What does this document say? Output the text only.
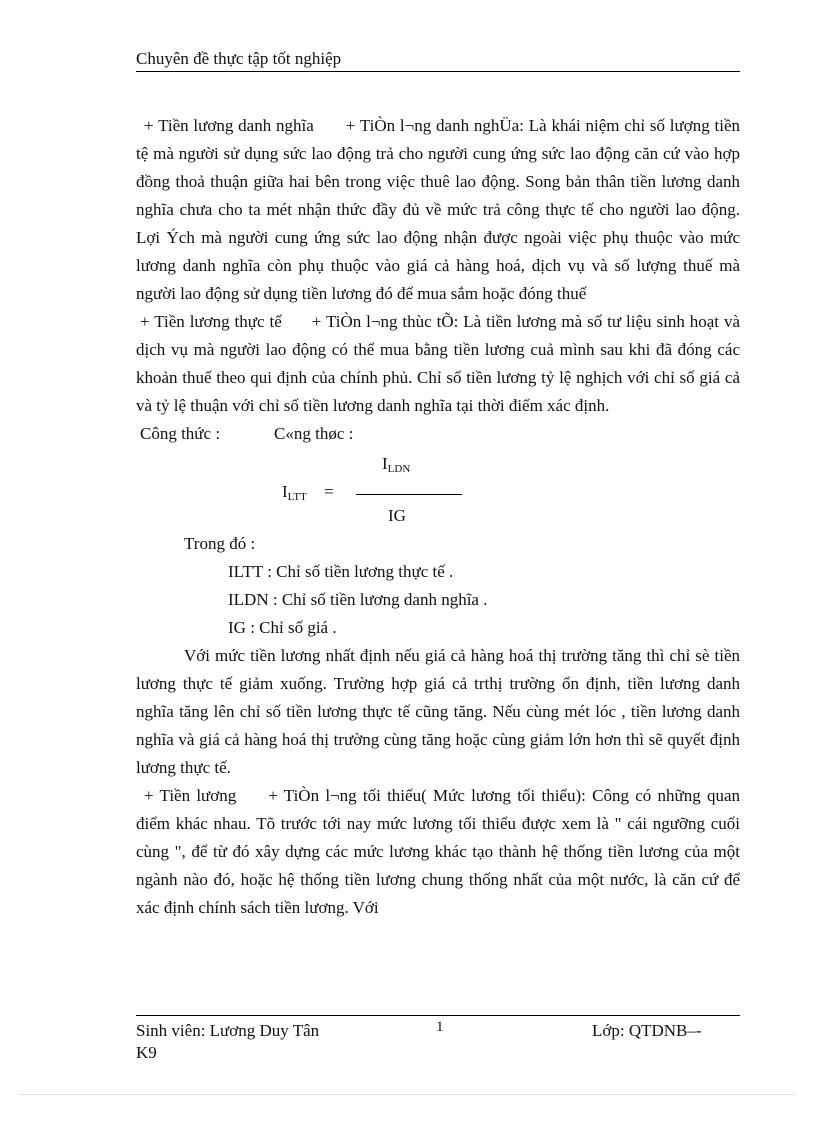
Chuyên đề thực tập tốt nghiệp

+ Tiền lương danh nghĩa + TiÒn l¬ng danh nghÜa: Là khái niệm chỉ số lượng tiền tệ mà người sử dụng sức lao động trả cho người cung ứng sức lao động căn cứ vào hợp đồng thoả thuận giữa hai bên trong việc thuê lao động. Song bản thân tiền lương danh nghĩa chưa cho ta mét nhận thức đầy đủ về mức trả công thực tế cho người lao động. Lợi Ých mà người cung ứng sức lao động nhận được ngoài việc phụ thuộc vào mức lương danh nghĩa còn phụ thuộc vào giá cả hàng hoá, dịch vụ và số lượng thuế mà người lao động sử dụng tiền lương đó để mua sắm hoặc đóng thuế

+ Tiền lương thực tế + TiÒn l¬ng thùc tÕ: Là tiền lương mà số tư liệu sinh hoạt và dịch vụ mà người lao động có thể mua bằng tiền lương cuả mình sau khi đã đóng các khoản thuế theo qui định của chính phủ. Chỉ số tiền lương tỷ lệ nghịch với chỉ số giá cả và tỷ lệ thuận với chỉ số tiền lương danh nghĩa tại thời điểm xác định.

Công thức :	C«ng thøc :

$I_{LDN}$
$I_{LTT}$ =
IG

Trong đó :

ILTT : Chỉ số tiền lương thực tế .

ILDN : Chỉ số tiền lương danh nghĩa .

IG : Chỉ số giá .

Với mức tiền lương nhất định nếu giá cả hàng hoá thị trường tăng thì chỉ sè tiền lương thực tế giảm xuống. Trường hợp giá cả trthị trường ổn định, tiền lương danh nghĩa tăng lên chỉ số tiền lương thực tế cũng tăng. Nếu cùng mét lóc , tiền lương danh nghĩa và giá cả hàng hoá thị trường cùng tăng hoặc cùng giảm lớn hơn thì sẽ quyết định lương thực tế.

+ Tiền lương + TiÒn l¬ng tối thiểu( Mức lương tối thiểu): Công có những quan điểm khác nhau. Tõ trước tới nay mức lương tối thiểu được xem là " cái ngưỡng cuối cùng ", để từ đó xây dựng các mức lương khác tạo thành hệ thống tiền lương của một ngành nào đó, hoặc hệ thống tiền lương chung thống nhất của một nước, là căn cứ để xác định chính sách tiền lương. Với

Sinh viên: Lương Duy Tân
K9
1	Lớp: QTDNB–-
